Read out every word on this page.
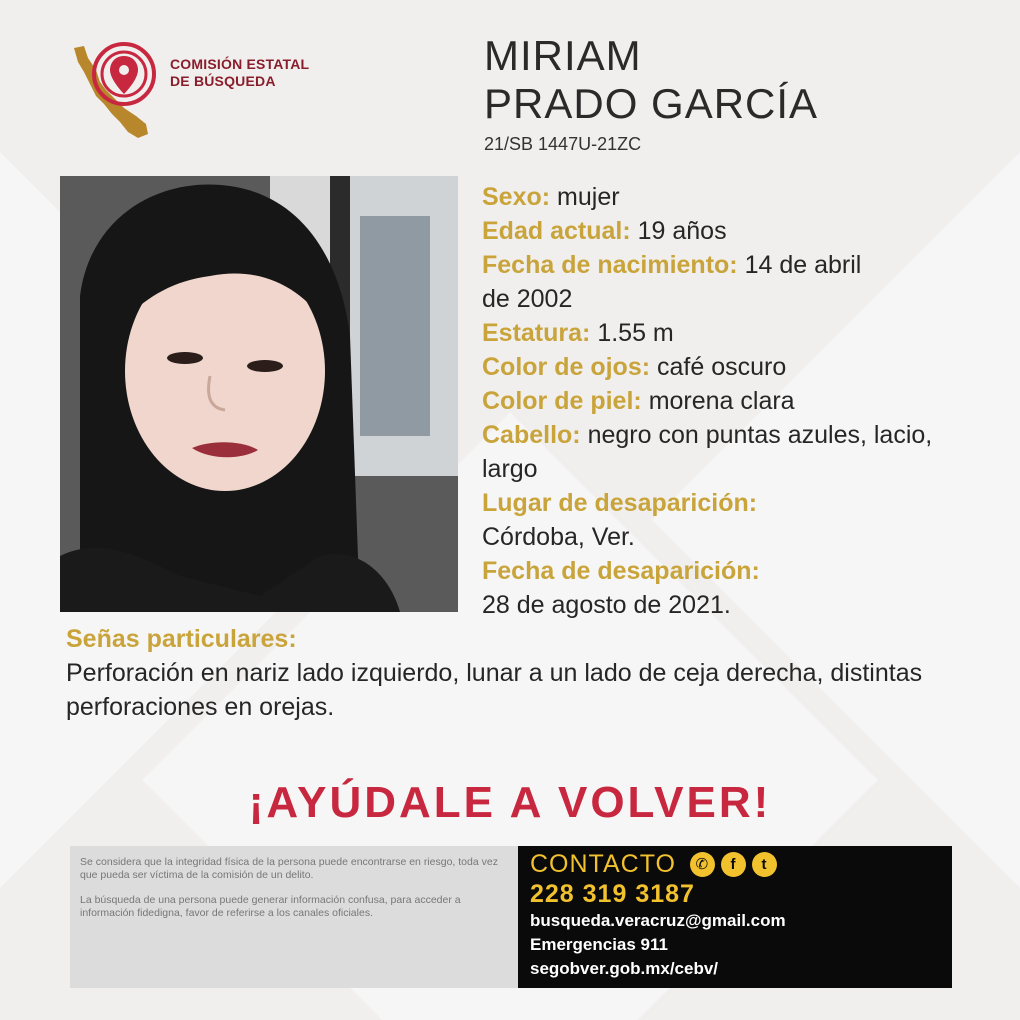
COMISIÓN ESTATAL
DE BÚSQUEDA
MIRIAM
PRADO GARCÍA
21/SB 1447U-21ZC
Sexo: mujer
Edad actual: 19 años
Fecha de nacimiento: 14 de abril de 2002
Estatura: 1.55 m
Color de ojos: café oscuro
Color de piel: morena clara
Cabello: negro con puntas azules, lacio, largo
Lugar de desaparición:
Córdoba, Ver.
Fecha de desaparición:
28 de agosto de 2021.
Señas particulares:
Perforación en nariz lado izquierdo, lunar a un lado de ceja derecha, distintas perforaciones en orejas.
¡AYÚDALE A VOLVER!

Se considera que la integridad física de la persona puede encontrarse en riesgo, toda vez que pueda ser víctima de la comisión de un delito.

La búsqueda de una persona puede generar información confusa, para acceder a información fidedigna, favor de referirse a los canales oficiales.

CONTACTO	✆	f	t
228 319 3187
busqueda.veracruz@gmail.com
Emergencias 911
segobver.gob.mx/cebv/
